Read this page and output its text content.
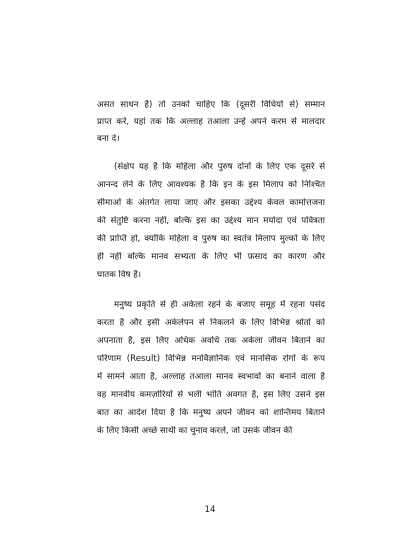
14
असत साधन है) तो उनको चाहिए कि (दूसरी विधियों से) सम्मान
प्राप्त करें, यहां तक कि अल्लाह तआला उन्हें अपने करम से मालदार
बना दे।
(संक्षेप यह है कि महिला और पुरुष दोनों के लिए एक दूसरे से
आनन्द लेने के लिए आवश्यक है कि इन के इस मिलाप को निश्चित
सीमाओं के अंतर्गत लाया जाए और इसका उद्देश्य केवल कामोत्तजना
की संतुष्टि करना नहीं, बल्कि इस का उद्देश्य मान मर्यादा एवं पवित्रता
की प्राप्ति हो, क्योंकि महिला व पुरुष का स्वतंत्र मिलाप मुल्कों के लिए
ही नहीं बल्कि मानव सभ्यता के लिए भी फ़साद का कारण और
घातक विष है।
मनुष्य प्रकृति से ही अकेला रहने के बजाए समूह में रहना पसंद
करता है और इसी अकेलेपन से निकलने के लिए विभिन्न श्रोतों को
अपनाता है, इस लिए अधिक अवधि तक अकेला जीवन बिताने का
परिणाम (Result) विभिन्न मनोवैज्ञानिक एवं मानसिक रोगों के रूप
में सामने आता है, अल्लाह तआला मानव स्वभावों का बनाने वाला है
वह मानवीय कमज़ोरियों से भली भांति अवगत है, इस लिए उसने इस
बात का आदेश दिया है कि मनुष्य अपने जीवन को शान्तिमय बिताने
के लिए किसी अच्छे साथी का चुनाव करले, जो उसके जीवन की
